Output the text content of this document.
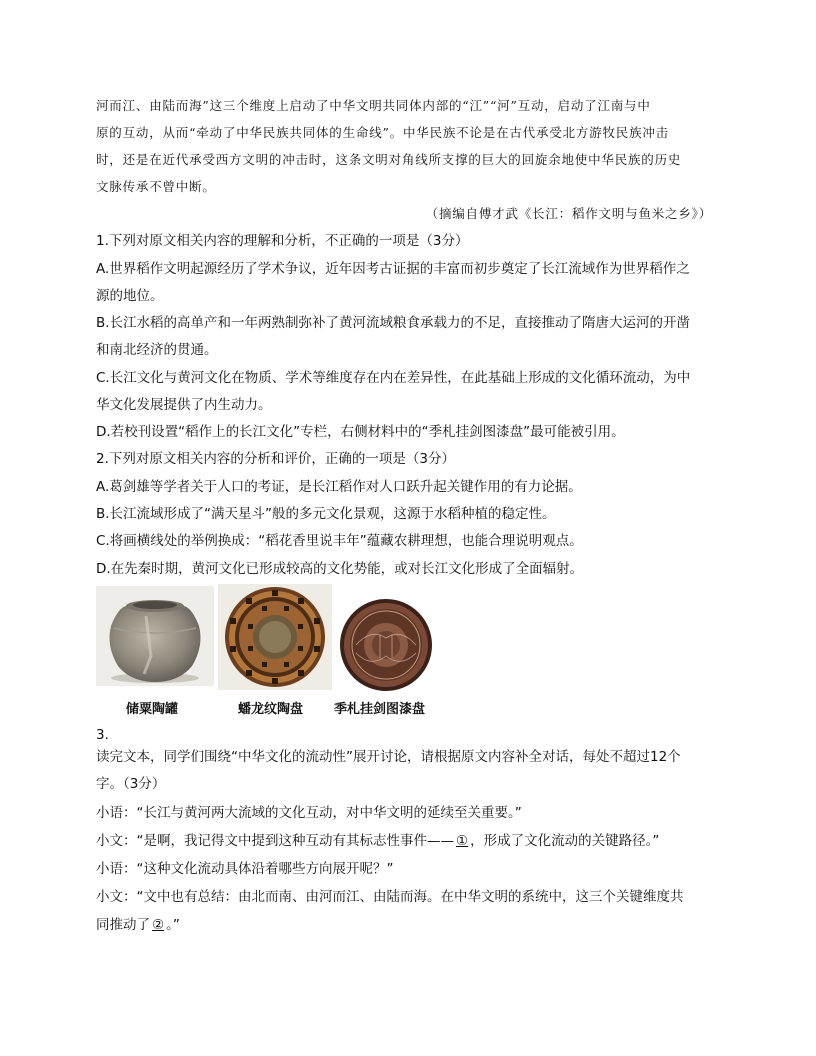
河而江、由陆而海”这三个维度上启动了中华文明共同体内部的“江”“河”互动，启动了江南与中
原的互动，从而“牵动了中华民族共同体的生命线”。中华民族不论是在古代承受北方游牧民族冲击
时，还是在近代承受西方文明的冲击时，这条文明对角线所支撑的巨大的回旋余地使中华民族的历史
文脉传承不曾中断。
（摘编自傅才武《长江：稻作文明与鱼米之乡》）
1.下列对原文相关内容的理解和分析，不正确的一项是（3分）
A.世界稻作文明起源经历了学术争议，近年因考古证据的丰富而初步奠定了长江流域作为世界稻作之
源的地位。
B.长江水稻的高单产和一年两熟制弥补了黄河流域粮食承载力的不足，直接推动了隋唐大运河的开凿
和南北经济的贯通。
C.长江文化与黄河文化在物质、学术等维度存在内在差异性，在此基础上形成的文化循环流动，为中
华文化发展提供了内生动力。
D.若校刊设置“稻作上的长江文化”专栏，右侧材料中的“季札挂剑图漆盘”最可能被引用。
2.下列对原文相关内容的分析和评价，正确的一项是（3分）
A.葛剑雄等学者关于人口的考证，是长江稻作对人口跃升起关键作用的有力论据。
B.长江流域形成了“满天星斗”般的多元文化景观，这源于水稻种植的稳定性。
C.将画横线处的举例换成：“稻花香里说丰年”蕴藏农耕理想，也能合理说明观点。
D.在先秦时期，黄河文化已形成较高的文化势能，或对长江文化形成了全面辐射。
储粟陶罐	蟠龙纹陶盘 季札挂剑图漆盘
3.
读完文本，同学们围绕“中华文化的流动性”展开讨论，请根据原文内容补全对话，每处不超过12个
字。（3分）
小语：“长江与黄河两大流域的文化互动，对中华文明的延续至关重要。”
小文：“是啊，我记得文中提到这种互动有其标志性事件—— ① ，形成了文化流动的关键路径。”
小语：“这种文化流动具体沿着哪些方向展开呢？”
小文：“文中也有总结：由北而南、由河而江、由陆而海。在中华文明的系统中，这三个关键维度共
同推动了 ② 。”
